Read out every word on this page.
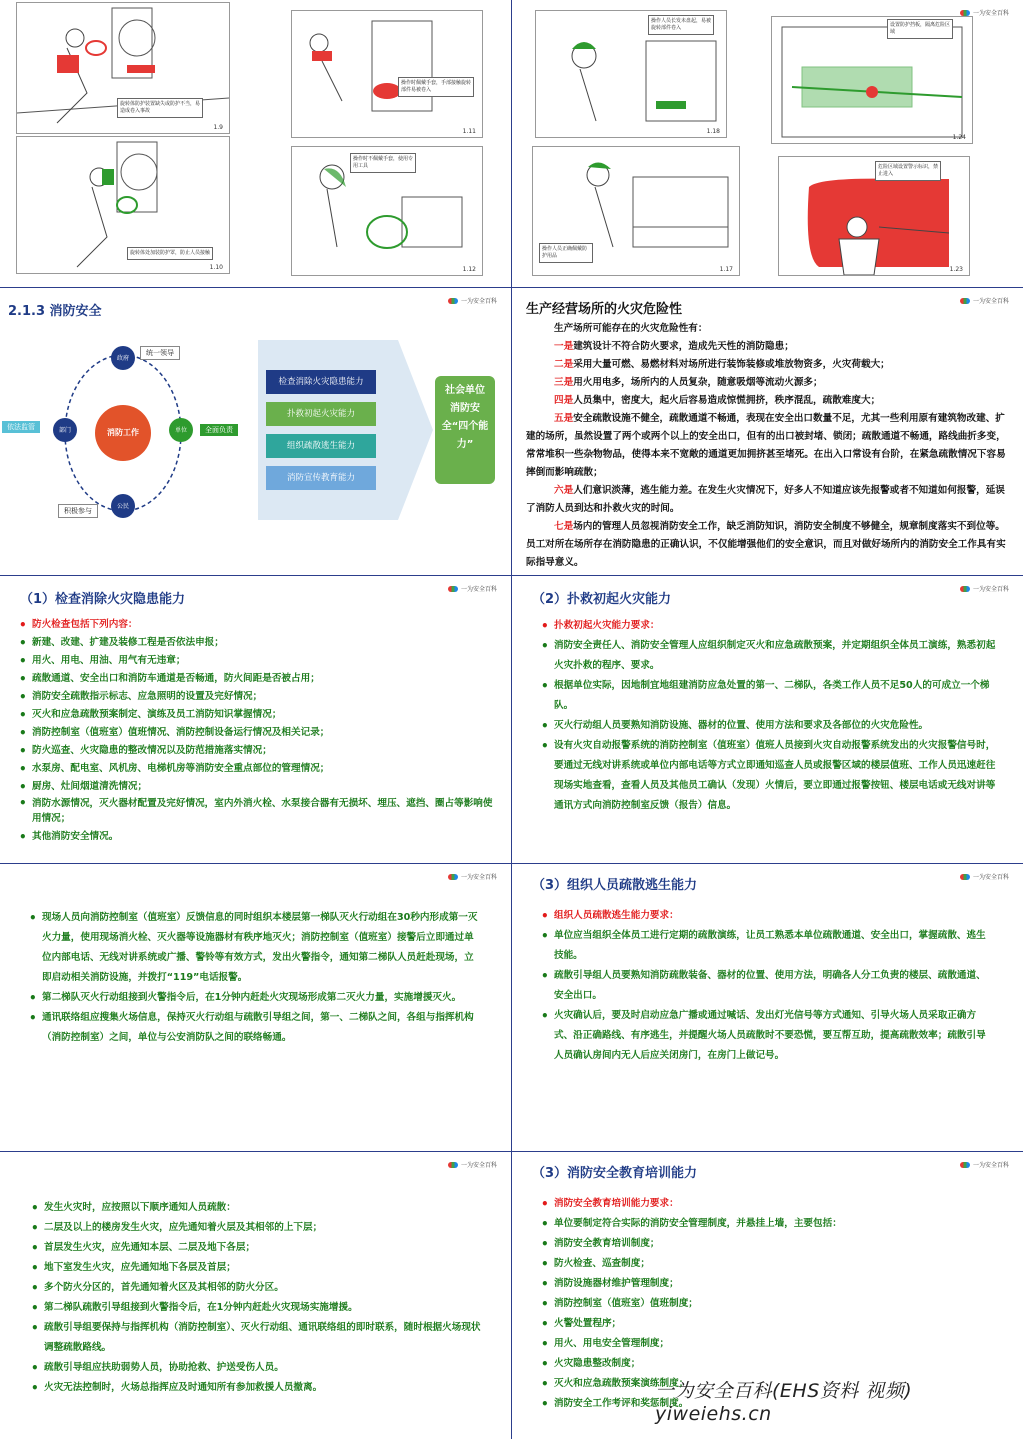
旋转体防护装置缺失或防护不当，易造成卷入事故
1.9
操作时佩戴手套，手部接触旋转部件易被卷入
1.11
旋转体处加装防护罩，防止人员接触
1.10
操作时不佩戴手套，使用专用工具
1.12
一为安全百科
操作人员长发未盘起，易被旋转部件卷入
1.18
设置防护挡板，隔离危险区域
1.24
操作人员正确佩戴防护用品
1.17
危险区域设置警示标识，禁止进入
1.23
2.1.3 消防安全
一为安全百科
消防工作
政府
部门	单位
公民
统一领导
依法监管	全面负责
积极参与
检查消除火灾隐患能力
扑救初起火灾能力
组织疏散逃生能力
消防宣传教育能力
社会单位消防安全“四个能力”
一为安全百科
生产经营场所的火灾危险性

生产场所可能存在的火灾危险性有：

一是建筑设计不符合防火要求，造成先天性的消防隐患；

二是采用大量可燃、易燃材料对场所进行装饰装修或堆放物资多，火灾荷载大；

三是用火用电多，场所内的人员复杂，随意吸烟等流动火源多；

四是人员集中，密度大，起火后容易造成惊慌拥挤，秩序混乱，疏散难度大；

五是安全疏散设施不健全，疏散通道不畅通，表现在安全出口数量不足，尤其一些利用原有建筑物改建、扩建的场所，虽然设置了两个或两个以上的安全出口，但有的出口被封堵、锁闭；疏散通道不畅通，路线曲折多变，常常堆积一些杂物物品，使得本来不宽敞的通道更加拥挤甚至堵死。在出入口常设有台阶，在紧急疏散情况下容易摔倒而影响疏散；

六是人们意识淡薄，逃生能力差。在发生火灾情况下，好多人不知道应该先报警或者不知道如何报警，延误了消防人员到达和扑救火灾的时间。

七是场内的管理人员忽视消防安全工作，缺乏消防知识，消防安全制度不够健全，规章制度落实不到位等。员工对所在场所存在消防隐患的正确认识，不仅能增强他们的安全意识，而且对做好场所内的消防安全工作具有实际指导意义。

（1）检查消除火灾隐患能力
一为安全百科
• 防火检查包括下列内容：
• 新建、改建、扩建及装修工程是否依法申报；
• 用火、用电、用油、用气有无违章；
• 疏散通道、安全出口和消防车通道是否畅通，防火间距是否被占用；
• 消防安全疏散指示标志、应急照明的设置及完好情况；
• 灭火和应急疏散预案制定、演练及员工消防知识掌握情况；
• 消防控制室（值班室）值班情况、消防控制设备运行情况及相关记录；
• 防火巡查、火灾隐患的整改情况以及防范措施落实情况；
• 水泵房、配电室、风机房、电梯机房等消防安全重点部位的管理情况；
• 厨房、灶间烟道清洗情况；
• 消防水源情况，灭火器材配置及完好情况，室内外消火栓、水泵接合器有无损坏、埋压、遮挡、圈占等影响使用情况；
• 其他消防安全情况。
（2）扑救初起火灾能力
一为安全百科
• 扑救初起火灾能力要求：
• 消防安全责任人、消防安全管理人应组织制定灭火和应急疏散预案，并定期组织全体员工演练，熟悉初起火灾扑救的程序、要求。
• 根据单位实际，因地制宜地组建消防应急处置的第一、二梯队，各类工作人员不足50人的可成立一个梯队。
• 灭火行动组人员要熟知消防设施、器材的位置、使用方法和要求及各部位的火灾危险性。
• 设有火灾自动报警系统的消防控制室（值班室）值班人员接到火灾自动报警系统发出的火灾报警信号时，要通过无线对讲系统或单位内部电话等方式立即通知巡查人员或报警区域的楼层值班、工作人员迅速赶往现场实地查看，查看人员及其他员工确认（发现）火情后，要立即通过报警按钮、楼层电话或无线对讲等通讯方式向消防控制室反馈（报告）信息。
一为安全百科
• 现场人员向消防控制室（值班室）反馈信息的同时组织本楼层第一梯队灭火行动组在30秒内形成第一灭火力量，使用现场消火栓、灭火器等设施器材有秩序地灭火；消防控制室（值班室）接警后立即通过单位内部电话、无线对讲系统或广播、警铃等有效方式，发出火警指令，通知第二梯队人员赶赴现场，立即启动相关消防设施，并拨打“119”电话报警。
• 第二梯队灭火行动组接到火警指令后，在1分钟内赶赴火灾现场形成第二灭火力量，实施增援灭火。
• 通讯联络组应搜集火场信息，保持灭火行动组与疏散引导组之间，第一、二梯队之间，各组与指挥机构（消防控制室）之间，单位与公安消防队之间的联络畅通。
（3）组织人员疏散逃生能力
一为安全百科
• 组织人员疏散逃生能力要求：
• 单位应当组织全体员工进行定期的疏散演练，让员工熟悉本单位疏散通道、安全出口，掌握疏散、逃生技能。
• 疏散引导组人员要熟知消防疏散装备、器材的位置、使用方法，明确各人分工负责的楼层、疏散通道、安全出口。
• 火灾确认后，要及时启动应急广播或通过喊话、发出灯光信号等方式通知、引导火场人员采取正确方式、沿正确路线、有序逃生，并提醒火场人员疏散时不要恐慌，要互帮互助，提高疏散效率；疏散引导人员确认房间内无人后应关闭房门，在房门上做记号。
一为安全百科
• 发生火灾时，应按照以下顺序通知人员疏散：
• 二层及以上的楼房发生火灾，应先通知着火层及其相邻的上下层；
• 首层发生火灾，应先通知本层、二层及地下各层；
• 地下室发生火灾，应先通知地下各层及首层；
• 多个防火分区的，首先通知着火区及其相邻的防火分区。
• 第二梯队疏散引导组接到火警指令后，在1分钟内赶赴火灾现场实施增援。
• 疏散引导组要保持与指挥机构（消防控制室）、灭火行动组、通讯联络组的即时联系，随时根据火场现状调整疏散路线。
• 疏散引导组应扶助弱势人员，协助抢救、护送受伤人员。
• 火灾无法控制时，火场总指挥应及时通知所有参加救援人员撤离。
（3）消防安全教育培训能力
一为安全百科
• 消防安全教育培训能力要求：
• 单位要制定符合实际的消防安全管理制度，并悬挂上墙，主要包括：
• 消防安全教育培训制度；
• 防火检查、巡查制度；
• 消防设施器材维护管理制度；
• 消防控制室（值班室）值班制度；
• 火警处置程序；
• 用火、用电安全管理制度；
• 火灾隐患整改制度；
• 灭火和应急疏散预案演练制度；
• 消防安全工作考评和奖惩制度。
一为安全百科(EHS资料 视频) yiweiehs.cn
